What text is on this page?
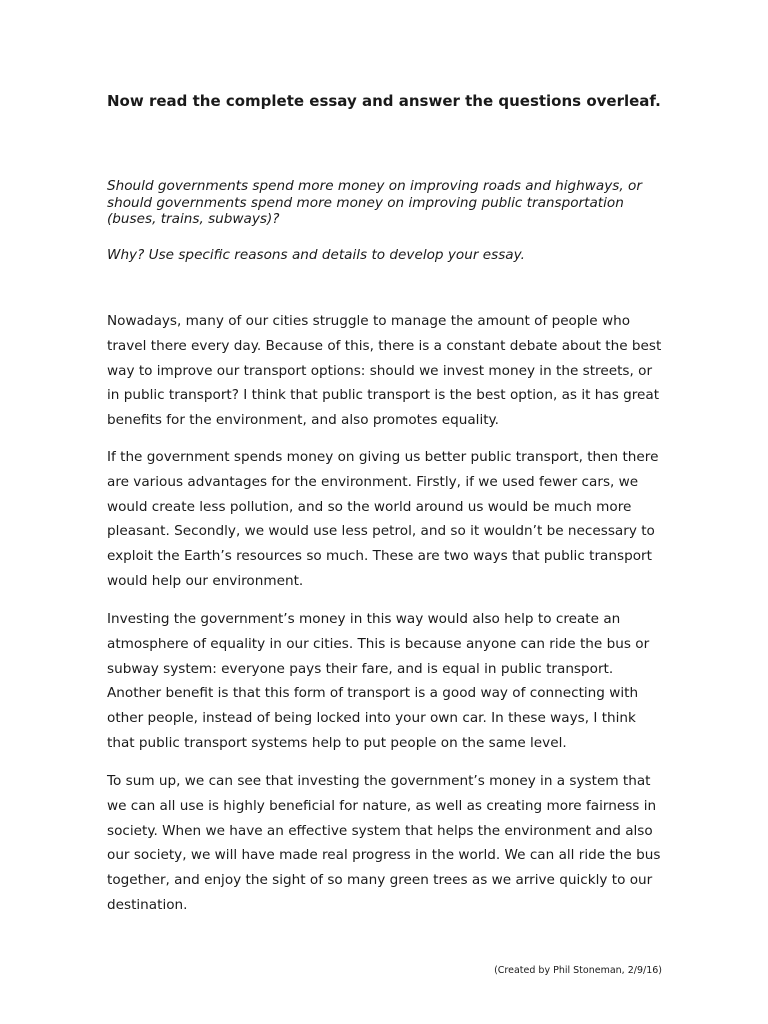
Now read the complete essay and answer the questions overleaf.

Should governments spend more money on improving roads and highways, or should governments spend more money on improving public transportation (buses, trains, subways)?

Why? Use specific reasons and details to develop your essay.

Nowadays, many of our cities struggle to manage the amount of people who travel there every day. Because of this, there is a constant debate about the best way to improve our transport options: should we invest money in the streets, or in public transport? I think that public transport is the best option, as it has great benefits for the environment, and also promotes equality.

If the government spends money on giving us better public transport, then there are various advantages for the environment. Firstly, if we used fewer cars, we would create less pollution, and so the world around us would be much more pleasant. Secondly, we would use less petrol, and so it wouldn’t be necessary to exploit the Earth’s resources so much. These are two ways that public transport would help our environment.

Investing the government’s money in this way would also help to create an atmosphere of equality in our cities. This is because anyone can ride the bus or subway system: everyone pays their fare, and is equal in public transport. Another benefit is that this form of transport is a good way of connecting with other people, instead of being locked into your own car. In these ways, I think that public transport systems help to put people on the same level.

To sum up, we can see that investing the government’s money in a system that we can all use is highly beneficial for nature, as well as creating more fairness in society. When we have an effective system that helps the environment and also our society, we will have made real progress in the world. We can all ride the bus together, and enjoy the sight of so many green trees as we arrive quickly to our destination.

(Created by Phil Stoneman, 2/9/16)
